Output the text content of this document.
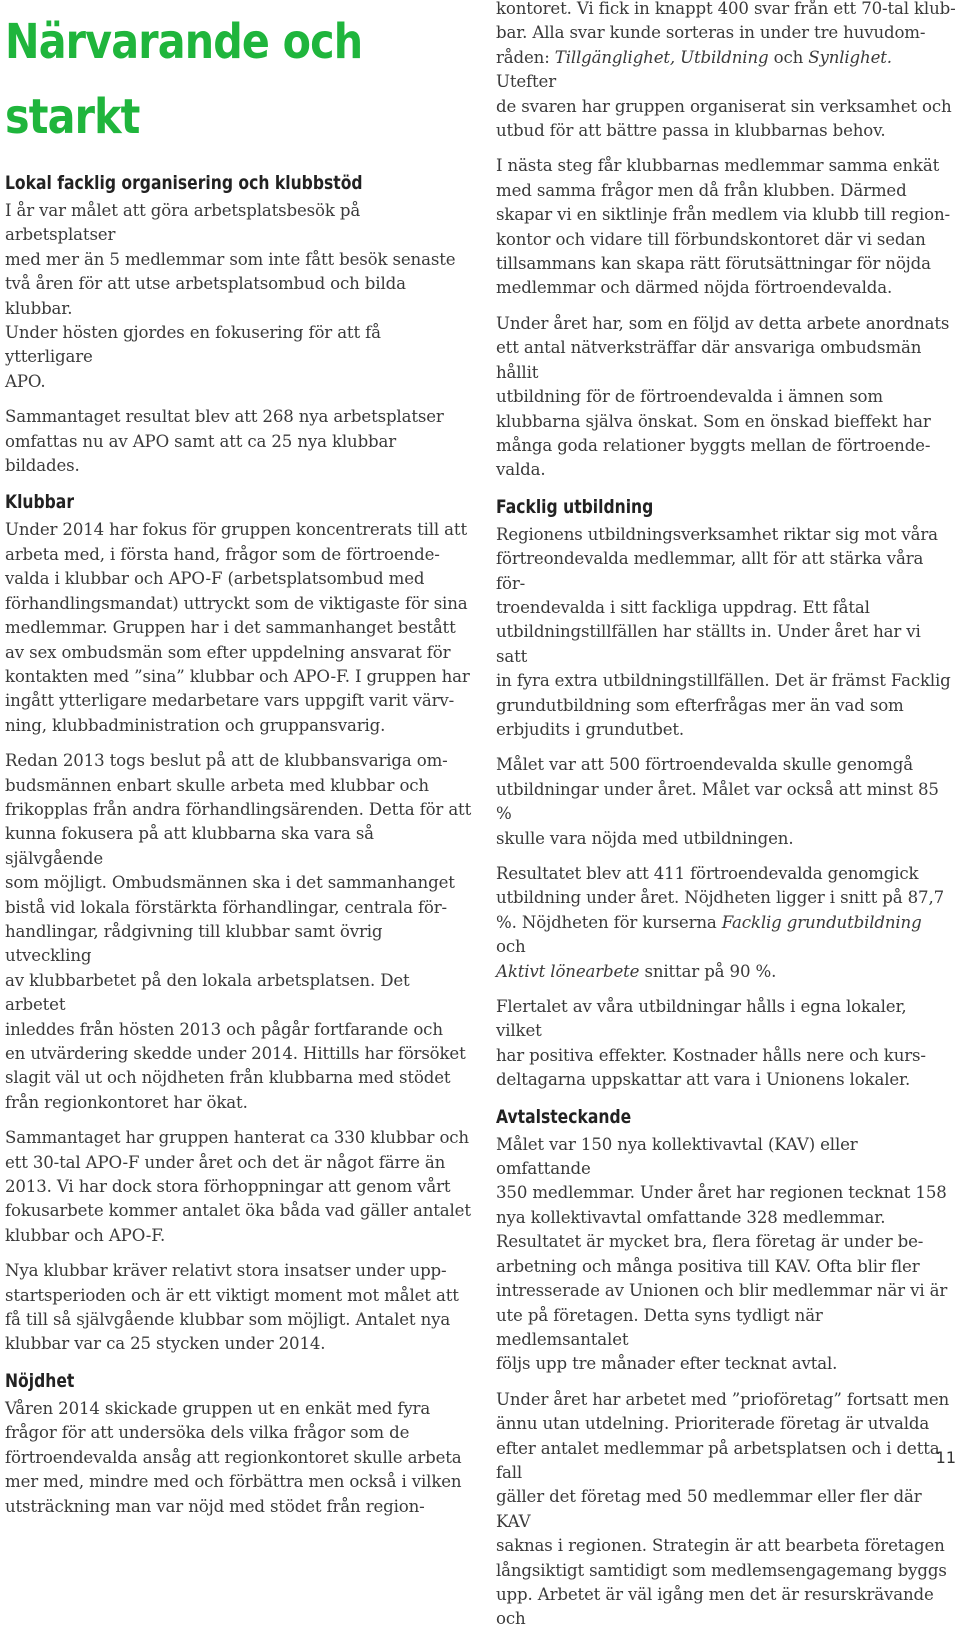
Närvarande och
starkt
Lokal facklig organisering och klubbstöd

I år var målet att göra arbetsplatsbesök på arbetsplatser
med mer än 5 medlemmar som inte fått besök senaste
två åren för att utse arbetsplatsombud och bilda klubbar.
Under hösten gjordes en fokusering för att få ytterligare
APO.

Sammantaget resultat blev att 268 nya arbetsplatser
omfattas nu av APO samt att ca 25 nya klubbar bildades.

Klubbar

Under 2014 har fokus för gruppen koncentrerats till att
arbeta med, i första hand, frågor som de förtroende-
valda i klubbar och APO-F (arbetsplatsombud med
förhandlingsmandat) uttryckt som de viktigaste för sina
medlemmar. Gruppen har i det sammanhanget bestått
av sex ombudsmän som efter uppdelning ansvarat för
kontakten med ”sina” klubbar och APO-F. I gruppen har
ingått ytterligare medarbetare vars uppgift varit värv-
ning, klubbadministration och gruppansvarig.

Redan 2013 togs beslut på att de klubbansvariga om-
budsmännen enbart skulle arbeta med klubbar och
frikopplas från andra förhandlingsärenden. Detta för att
kunna fokusera på att klubbarna ska vara så självgående
som möjligt. Ombudsmännen ska i det sammanhanget
bistå vid lokala förstärkta förhandlingar, centrala för-
handlingar, rådgivning till klubbar samt övrig utveckling
av klubbarbetet på den lokala arbetsplatsen. Det arbetet
inleddes från hösten 2013 och pågår fortfarande och
en utvärdering skedde under 2014. Hittills har försöket
slagit väl ut och nöjdheten från klubbarna med stödet
från regionkontoret har ökat.

Sammantaget har gruppen hanterat ca 330 klubbar och
ett 30-tal APO-F under året och det är något färre än
2013. Vi har dock stora förhoppningar att genom vårt
fokusarbete kommer antalet öka båda vad gäller antalet
klubbar och APO-F.

Nya klubbar kräver relativt stora insatser under upp-
startsperioden och är ett viktigt moment mot målet att
få till så självgående klubbar som möjligt. Antalet nya
klubbar var ca 25 stycken under 2014.

Nöjdhet

Våren 2014 skickade gruppen ut en enkät med fyra
frågor för att undersöka dels vilka frågor som de
förtroendevalda ansåg att regionkontoret skulle arbeta
mer med, mindre med och förbättra men också i vilken
utsträckning man var nöjd med stödet från region-

kontoret. Vi fick in knappt 400 svar från ett 70-tal klub-
bar. Alla svar kunde sorteras in under tre huvudom-
råden: Tillgänglighet, Utbildning och Synlighet. Utefter
de svaren har gruppen organiserat sin verksamhet och
utbud för att bättre passa in klubbarnas behov.

I nästa steg får klubbarnas medlemmar samma enkät
med samma frågor men då från klubben. Därmed
skapar vi en siktlinje från medlem via klubb till region-
kontor och vidare till förbundskontoret där vi sedan
tillsammans kan skapa rätt förutsättningar för nöjda
medlemmar och därmed nöjda förtroendevalda.

Under året har, som en följd av detta arbete anordnats
ett antal nätverksträffar där ansvariga ombudsmän hållit
utbildning för de förtroendevalda i ämnen som
klubbarna själva önskat. Som en önskad bieffekt har
många goda relationer byggts mellan de förtroende-
valda.

Facklig utbildning

Regionens utbildningsverksamhet riktar sig mot våra
förtreondevalda medlemmar, allt för att stärka våra för-
troendevalda i sitt fackliga uppdrag. Ett fåtal
utbildningstillfällen har ställts in. Under året har vi satt
in fyra extra utbildningstillfällen. Det är främst Facklig
grundutbildning som efterfrågas mer än vad som
erbjudits i grundutbet.

Målet var att 500 förtroendevalda skulle genomgå
utbildningar under året. Målet var också att minst 85 %
skulle vara nöjda med utbildningen.

Resultatet blev att 411 förtroendevalda genomgick
utbildning under året. Nöjdheten ligger i snitt på 87,7
%. Nöjdheten för kurserna Facklig grundutbildning och
Aktivt lönearbete snittar på 90 %.

Flertalet av våra utbildningar hålls i egna lokaler, vilket
har positiva effekter. Kostnader hålls nere och kurs-
deltagarna uppskattar att vara i Unionens lokaler.

Avtalsteckande

Målet var 150 nya kollektivavtal (KAV) eller omfattande
350 medlemmar. Under året har regionen tecknat 158
nya kollektivavtal omfattande 328 medlemmar.
Resultatet är mycket bra, flera företag är under be-
arbetning och många positiva till KAV. Ofta blir fler
intresserade av Unionen och blir medlemmar när vi är
ute på företagen. Detta syns tydligt när medlemsantalet
följs upp tre månader efter tecknat avtal.

Under året har arbetet med ”prioföretag” fortsatt men
ännu utan utdelning. Prioriterade företag är utvalda
efter antalet medlemmar på arbetsplatsen och i detta fall
gäller det företag med 50 medlemmar eller fler där KAV
saknas i regionen. Strategin är att bearbeta företagen
långsiktigt samtidigt som medlemsengagemang byggs
upp. Arbetet är väl igång men det är resurskrävande och

11
